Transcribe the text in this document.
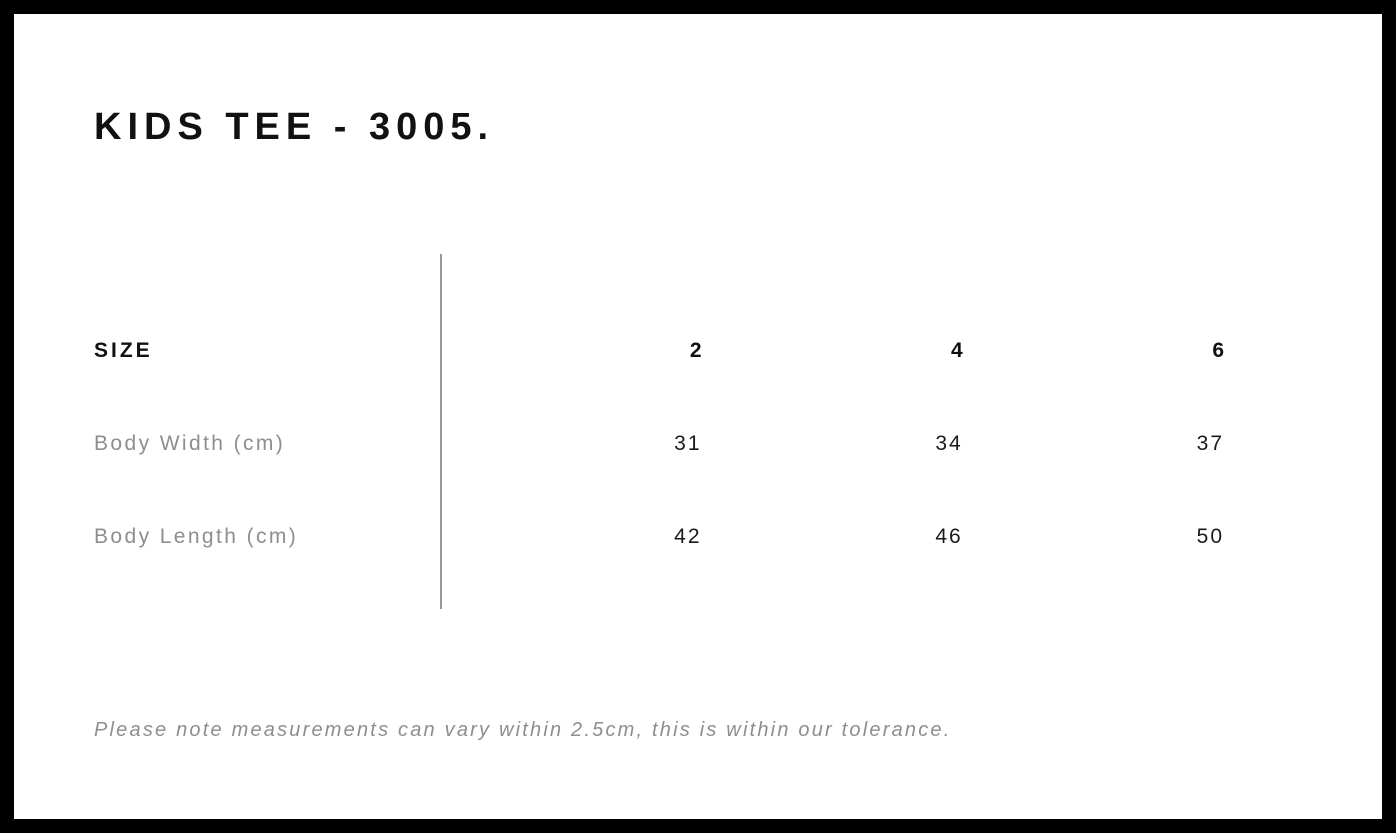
KIDS TEE - 3005.
SIZE	2	4	6
Body Width (cm)	31	34	37
Body Length (cm)	42	46	50
Please note measurements can vary within 2.5cm, this is within our tolerance.
